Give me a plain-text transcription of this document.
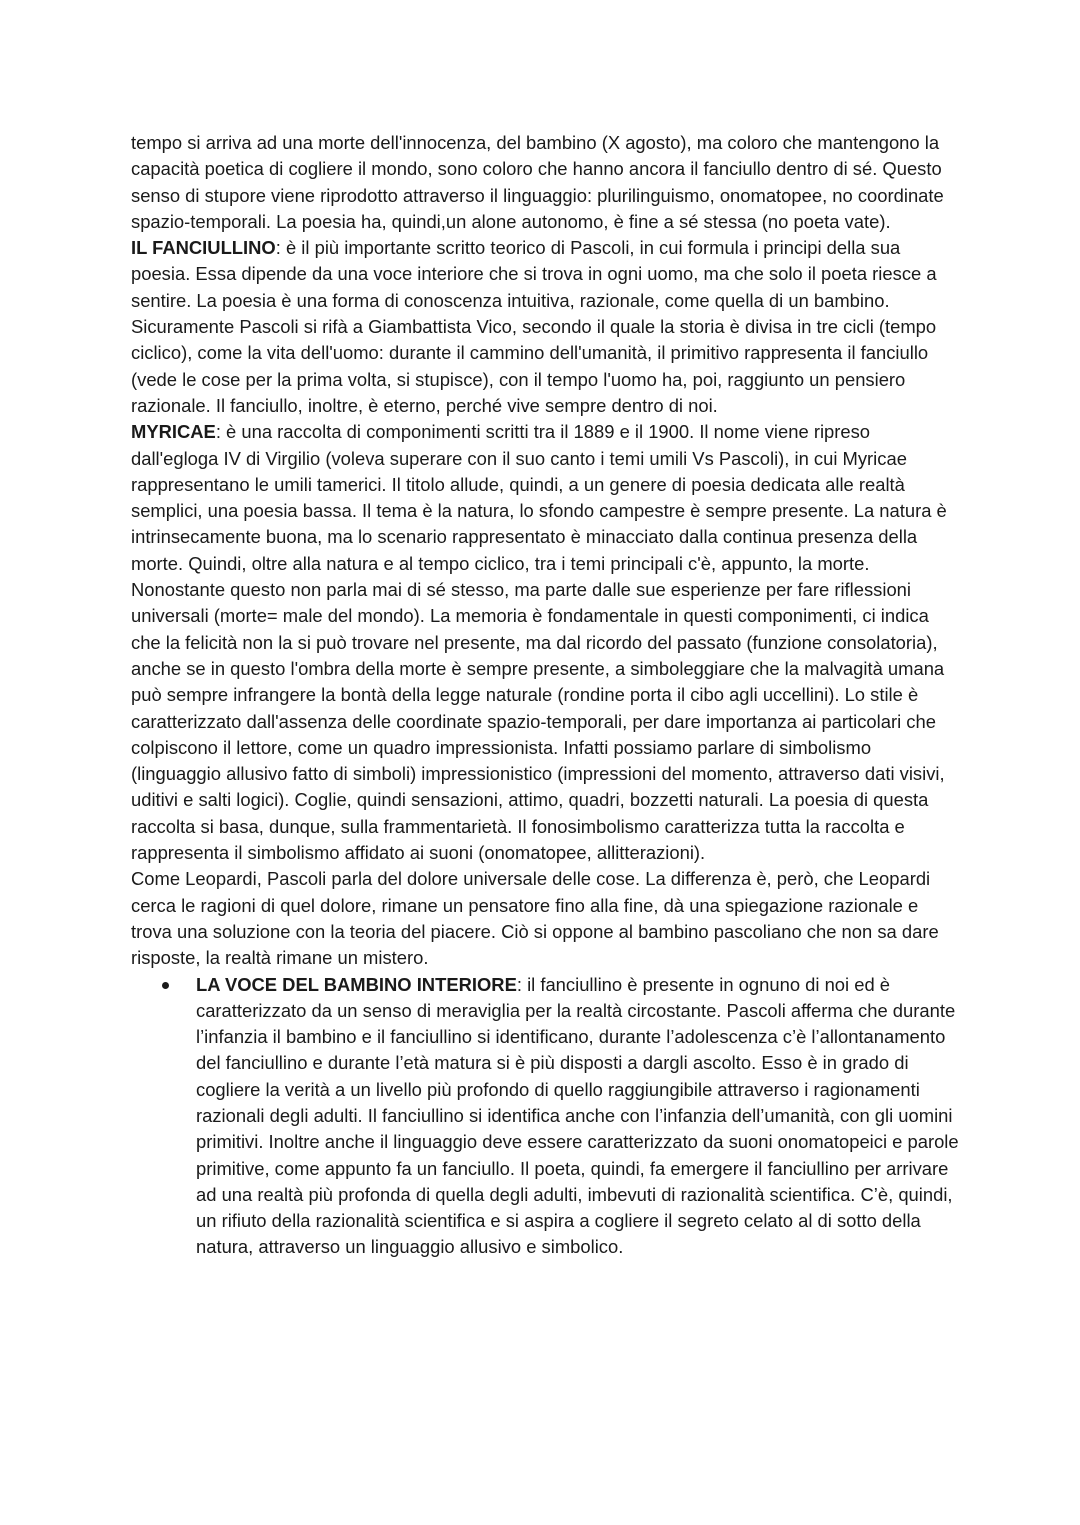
tempo si arriva ad una morte dell'innocenza, del bambino (X agosto), ma coloro che mantengono la capacità poetica di cogliere il mondo, sono coloro che hanno ancora il fanciullo dentro di sé. Questo senso di stupore viene riprodotto attraverso il linguaggio: plurilinguismo, onomatopee, no coordinate spazio-temporali. La poesia ha, quindi,un alone autonomo, è fine a sé stessa (no poeta vate).

IL FANCIULLINO: è il più importante scritto teorico di Pascoli, in cui formula i principi della sua poesia. Essa dipende da una voce interiore che si trova in ogni uomo, ma che solo il poeta riesce a sentire. La poesia è una forma di conoscenza intuitiva, razionale, come quella di un bambino. Sicuramente Pascoli si rifà a Giambattista Vico, secondo il quale la storia è divisa in tre cicli (tempo ciclico), come la vita dell'uomo: durante il cammino dell'umanità, il primitivo rappresenta il fanciullo (vede le cose per la prima volta, si stupisce), con il tempo l'uomo ha, poi, raggiunto un pensiero razionale. Il fanciullo, inoltre, è eterno, perché vive sempre dentro di noi.

MYRICAE: è una raccolta di componimenti scritti tra il 1889 e il 1900. Il nome viene ripreso dall'egloga IV di Virgilio (voleva superare con il suo canto i temi umili Vs Pascoli), in cui Myricae rappresentano le umili tamerici. Il titolo allude, quindi, a un genere di poesia dedicata alle realtà semplici, una poesia bassa. Il tema è la natura, lo sfondo campestre è sempre presente. La natura è intrinsecamente buona, ma lo scenario rappresentato è minacciato dalla continua presenza della morte. Quindi, oltre alla natura e al tempo ciclico, tra i temi principali c'è, appunto, la morte. Nonostante questo non parla mai di sé stesso, ma parte dalle sue esperienze per fare riflessioni universali (morte= male del mondo). La memoria è fondamentale in questi componimenti, ci indica che la felicità non la si può trovare nel presente, ma dal ricordo del passato (funzione consolatoria), anche se in questo l'ombra della morte è sempre presente, a simboleggiare che la malvagità umana può sempre infrangere la bontà della legge naturale (rondine porta il cibo agli uccellini). Lo stile è caratterizzato dall'assenza delle coordinate spazio-temporali, per dare importanza ai particolari che colpiscono il lettore, come un quadro impressionista. Infatti possiamo parlare di simbolismo (linguaggio allusivo fatto di simboli) impressionistico (impressioni del momento, attraverso dati visivi, uditivi e salti logici). Coglie, quindi sensazioni, attimo, quadri, bozzetti naturali. La poesia di questa raccolta si basa, dunque, sulla frammentarietà. Il fonosimbolismo caratterizza tutta la raccolta e rappresenta il simbolismo affidato ai suoni (onomatopee, allitterazioni).

Come Leopardi, Pascoli parla del dolore universale delle cose. La differenza è, però, che Leopardi cerca le ragioni di quel dolore, rimane un pensatore fino alla fine, dà una spiegazione razionale e trova una soluzione con la teoria del piacere. Ciò si oppone al bambino pascoliano che non sa dare risposte, la realtà rimane un mistero.

LA VOCE DEL BAMBINO INTERIORE: il fanciullino è presente in ognuno di noi ed è caratterizzato da un senso di meraviglia per la realtà circostante. Pascoli afferma che durante l’infanzia il bambino e il fanciullino si identificano, durante l’adolescenza c’è l’allontanamento del fanciullino e durante l’età matura si è più disposti a dargli ascolto. Esso è in grado di cogliere la verità a un livello più profondo di quello raggiungibile attraverso i ragionamenti razionali degli adulti. Il fanciullino si identifica anche con l’infanzia dell’umanità, con gli uomini primitivi. Inoltre anche il linguaggio deve essere caratterizzato da suoni onomatopeici e parole primitive, come appunto fa un fanciullo. Il poeta, quindi, fa emergere il fanciullino per arrivare ad una realtà più profonda di quella degli adulti, imbevuti di razionalità scientifica. C’è, quindi, un rifiuto della razionalità scientifica e si aspira a cogliere il segreto celato al di sotto della natura, attraverso un linguaggio allusivo e simbolico.
